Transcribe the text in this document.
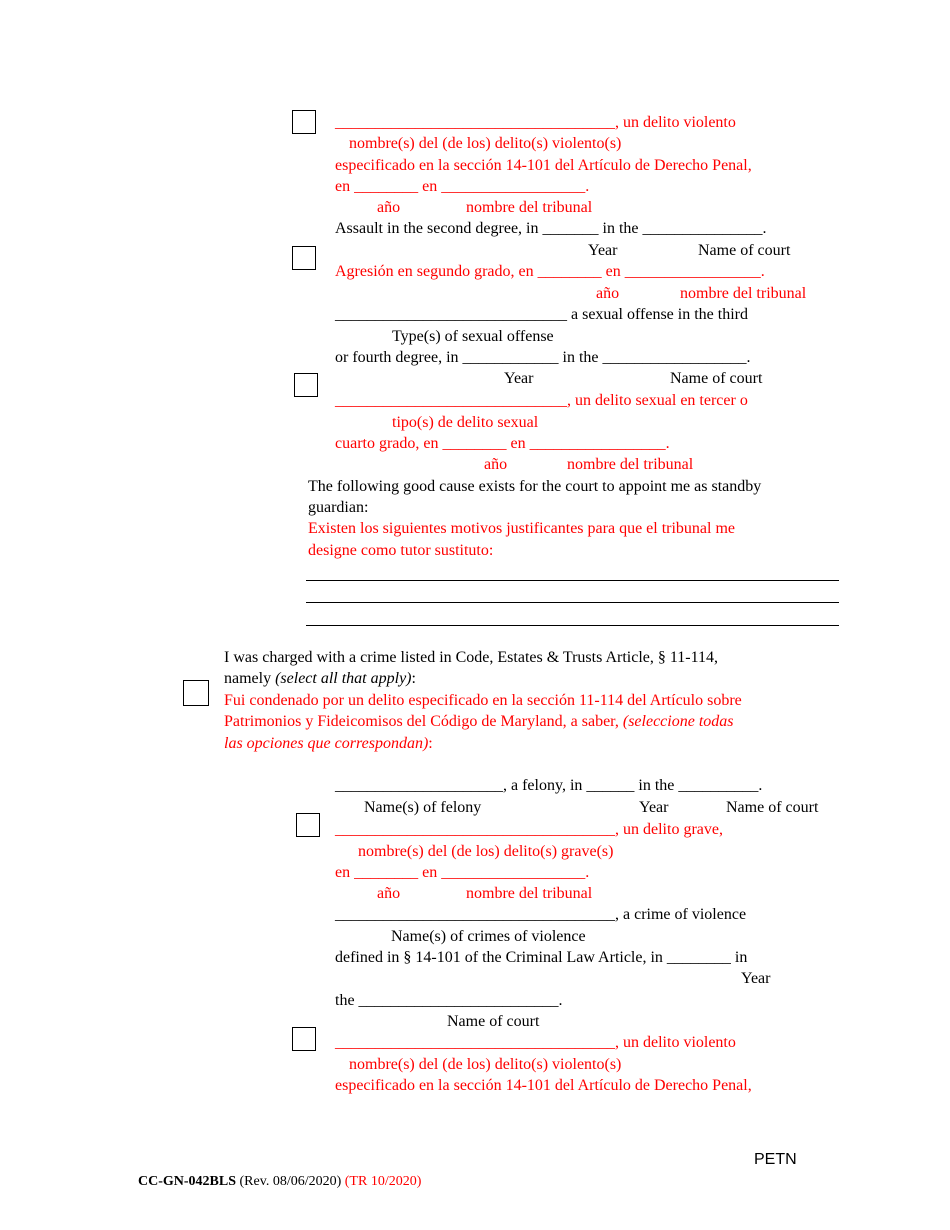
___________________________________, un delito violento
nombre(s) del (de los) delito(s) violento(s)
especificado en la sección 14-101 del Artículo de Derecho Penal,
en ________ en __________________.
año	nombre del tribunal
Assault in the second degree, in _______ in the _______________.
Year	Name of court
Agresión en segundo grado, en ________ en _________________.
año	nombre del tribunal
_____________________________ a sexual offense in the third
Type(s) of sexual offense
or fourth degree, in ____________ in the __________________.
Year	Name of court
_____________________________, un delito sexual en tercer o
tipo(s) de delito sexual
cuarto grado, en ________ en _________________.
año	nombre del tribunal
The following good cause exists for the court to appoint me as standby
guardian:
Existen los siguientes motivos justificantes para que el tribunal me
designe como tutor sustituto:
I was charged with a crime listed in Code, Estates & Trusts Article, § 11-114,
namely (select all that apply):
Fui condenado por un delito especificado en la sección 11-114 del Artículo sobre
Patrimonios y Fideicomisos del Código de Maryland, a saber, (seleccione todas
las opciones que correspondan):
_____________________, a felony, in ______ in the __________.
Name(s) of felony	Year	Name of court
___________________________________, un delito grave,
nombre(s) del (de los) delito(s) grave(s)
en ________ en __________________.
año	nombre del tribunal
___________________________________, a crime of violence
Name(s) of crimes of violence
defined in § 14-101 of the Criminal Law Article, in ________ in
Year
the _________________________.
Name of court
___________________________________, un delito violento
nombre(s) del (de los) delito(s) violento(s)
especificado en la sección 14-101 del Artículo de Derecho Penal,

CC-GN-042BLS (Rev. 08/06/2020) (TR 10/2020)

PETN
